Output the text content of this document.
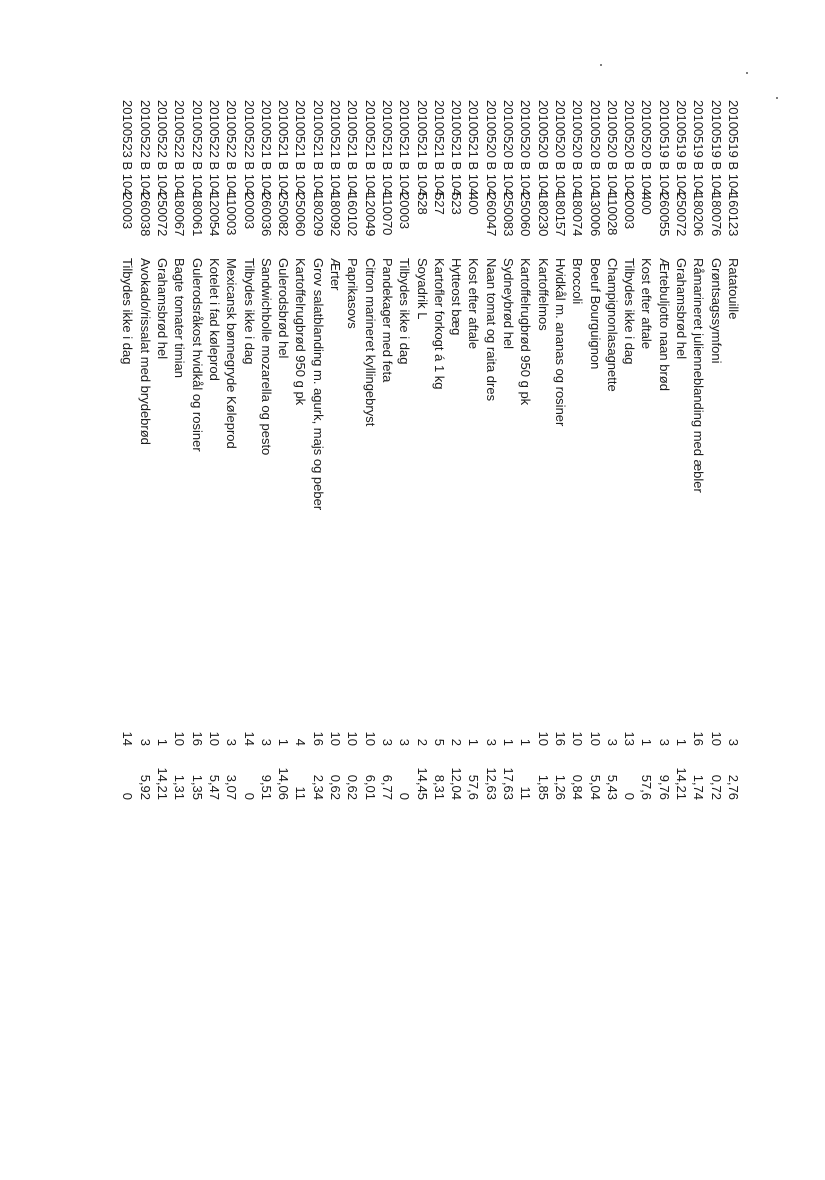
20100519 B 104
160123
Ratatouille
3
2,76
20100519 B 104
180076
Grøntsagssymfoni
10
0,72
20100519 B 104
180206
Råmarineret julienneblanding med æbler
16
1,74
20100519 B 104
250072
Grahamsbrød hel
1
14,21
20100519 B 104
260055
Ærtebuljotto naan brød
3
9,76
20100520 B 104
400
Kost efter aftale
1
57,6
20100520 B 104
20003
Tilbydes ikke i dag
13
0
20100520 B 104
110028
Champignonlasagnette
3
5,43
20100520 B 104
130006
Boeuf Bourguignon
10
5,04
20100520 B 104
180074
Broccoli
10
0,84
20100520 B 104
180157
Hvidkål m. ananas og rosiner
16
1,26
20100520 B 104
180230
Kartoffelmos
10
1,85
20100520 B 104
250060
Kartoffelrugbrød 950 g pk
1
11
20100520 B 104
250083
Sydneybrød hel
1
17,63
20100520 B 104
260047
Naan tomat og raita dres
3
12,63
20100521 B 104
400
Kost efter aftale
1
57,6
20100521 B 104
523
Hytteost bæg
2
12,04
20100521 B 104
527
Kartofler forkogt á 1 kg
5
8,31
20100521 B 104
528
Soyadrik L
2
14,45
20100521 B 104
20003
Tilbydes ikke i dag
3
0
20100521 B 104
110070
Pandekager med feta
3
6,77
20100521 B 104
120049
Citron marineret kyllingebryst
10
6,01
20100521 B 104
160102
Paprikasovs
10
0,62
20100521 B 104
180092
Ærter
10
0,62
20100521 B 104
180209
Grov salatblanding m. agurk, majs og peber
16
2,34
20100521 B 104
250060
Kartoffelrugbrød 950 g pk
4
11
20100521 B 104
250082
Gulerodsbrød hel
1
14,06
20100521 B 104
260036
Sandwichbolle mozarella og pesto
3
9,51
20100522 B 104
20003
Tilbydes ikke i dag
14
0
20100522 B 104
110003
Mexicansk bønnegryde Køleprod
3
3,07
20100522 B 104
120054
Kotelet i fad køleprod
10
5,47
20100522 B 104
180061
Gulerodsråkost hvidkål og rosiner
16
1,35
20100522 B 104
180067
Bagte tomater timian
10
1,31
20100522 B 104
250072
Grahamsbrød hel
1
14,21
20100522 B 104
260038
Avokado/rissalat med brydebrød
3
5,92
20100523 B 104
20003
Tilbydes ikke i dag
14
0
